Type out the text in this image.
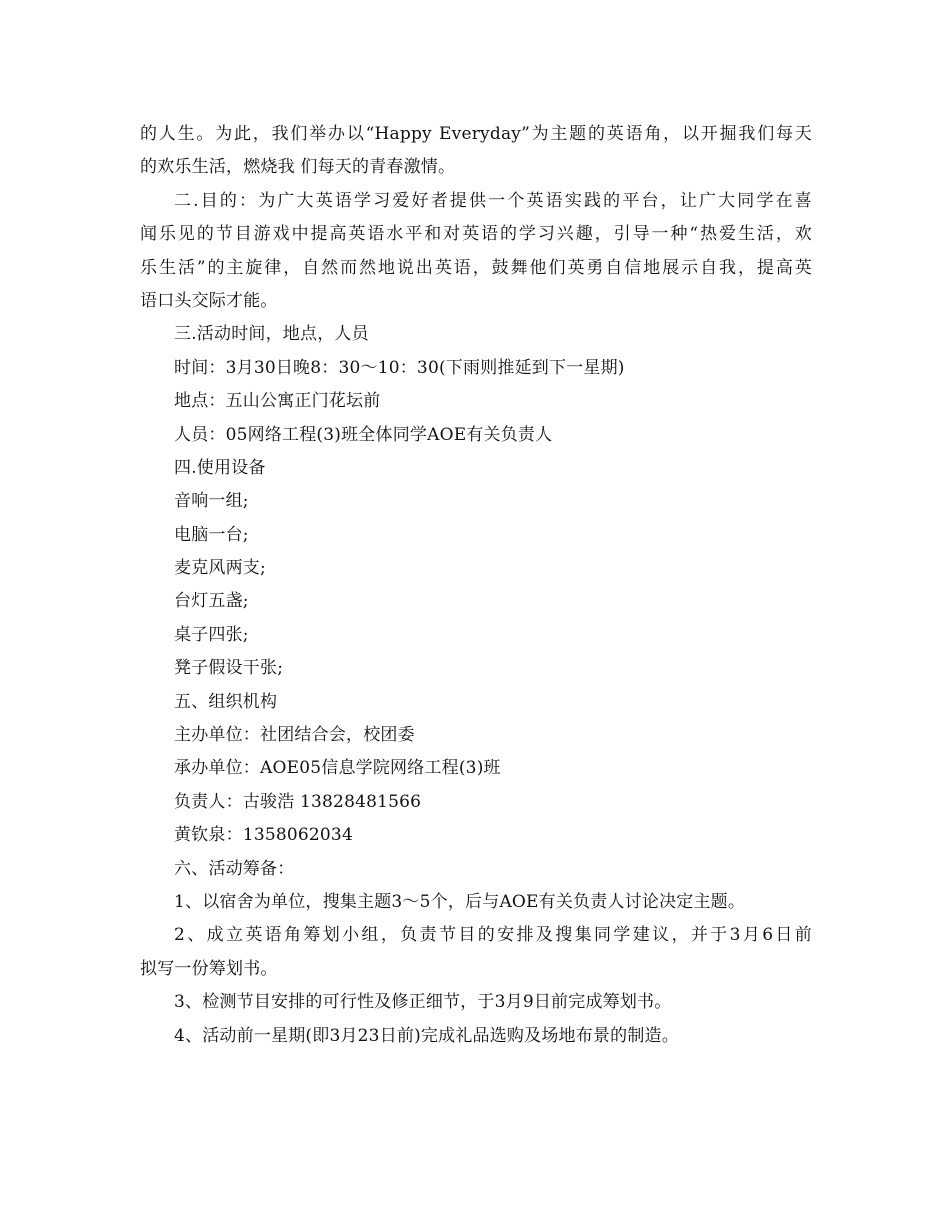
的人生。为此，我们举办以“Happy Everyday”为主题的英语角，以开掘我们每天
的欢乐生活，燃烧我 们每天的青春激情。
二.目的：为广大英语学习爱好者提供一个英语实践的平台，让广大同学在喜
闻乐见的节目游戏中提高英语水平和对英语的学习兴趣，引导一种“热爱生活，欢
乐生活”的主旋律，自然而然地说出英语，鼓舞他们英勇自信地展示自我，提高英
语口头交际才能。
三.活动时间，地点，人员
时间：3月30日晚8：30～10：30(下雨则推延到下一星期)
地点：五山公寓正门花坛前
人员：05网络工程(3)班全体同学AOE有关负责人
四.使用设备
音响一组;
电脑一台;
麦克风两支;
台灯五盏;
桌子四张;
凳子假设干张;
五、组织机构
主办单位：社团结合会，校团委
承办单位：AOE05信息学院网络工程(3)班
负责人：古骏浩 13828481566
黄钦泉：1358062034
六、活动筹备：
1、以宿舍为单位，搜集主题3～5个，后与AOE有关负责人讨论决定主题。
2、成立英语角筹划小组，负责节目的安排及搜集同学建议，并于3月6日前
拟写一份筹划书。
3、检测节目安排的可行性及修正细节，于3月9日前完成筹划书。
4、活动前一星期(即3月23日前)完成礼品选购及场地布景的制造。
